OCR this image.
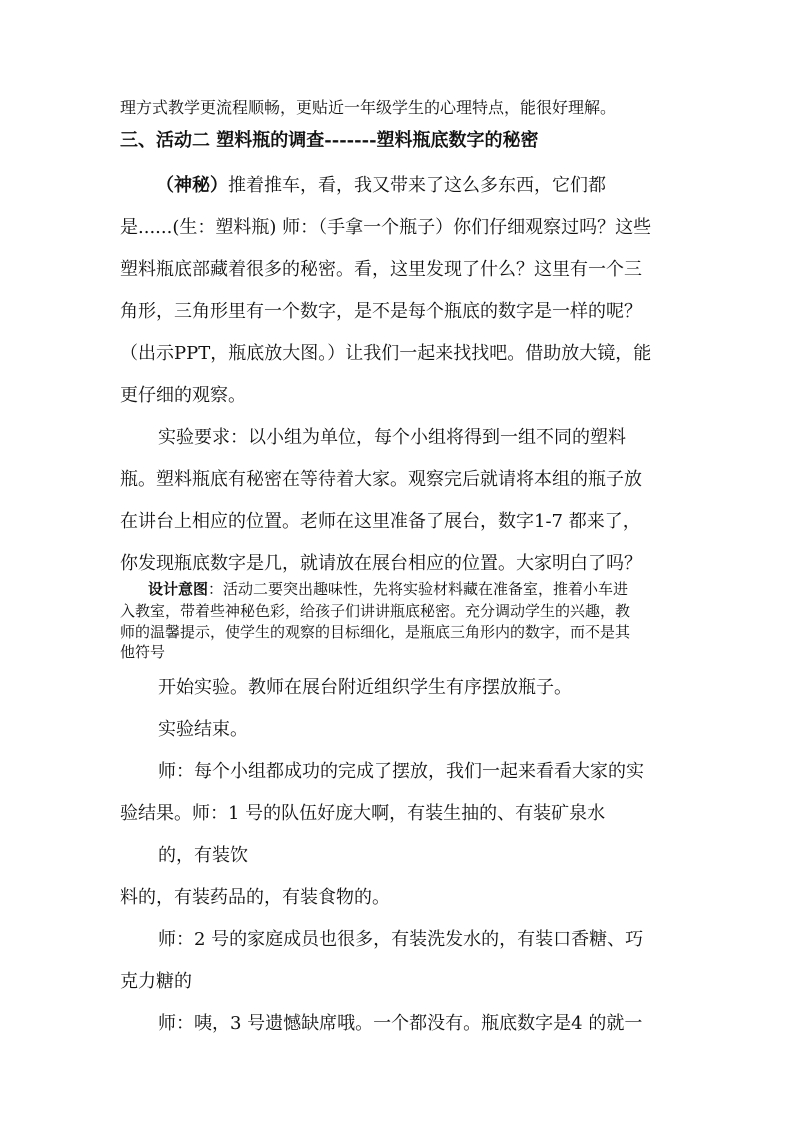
理方式教学更流程顺畅，更贴近一年级学生的心理特点，能很好理解。

三、活动二 塑料瓶的调查-------塑料瓶底数字的秘密

（神秘）推着推车，看，我又带来了这么多东西，它们都

是......(生：塑料瓶) 师：（手拿一个瓶子）你们仔细观察过吗？这些

塑料瓶底部藏着很多的秘密。看，这里发现了什么？这里有一个三

角形，三角形里有一个数字，是不是每个瓶底的数字是一样的呢？

（出示PPT，瓶底放大图。）让我们一起来找找吧。借助放大镜，能

更仔细的观察。

实验要求：以小组为单位，每个小组将得到一组不同的塑料

瓶。塑料瓶底有秘密在等待着大家。观察完后就请将本组的瓶子放

在讲台上相应的位置。老师在这里准备了展台，数字1-7 都来了，

你发现瓶底数字是几，就请放在展台相应的位置。大家明白了吗？

设计意图：活动二要突出趣味性，先将实验材料藏在准备室，推着小车进

入教室，带着些神秘色彩，给孩子们讲讲瓶底秘密。充分调动学生的兴趣，教

师的温馨提示，使学生的观察的目标细化，是瓶底三角形内的数字，而不是其

他符号

开始实验。教师在展台附近组织学生有序摆放瓶子。

实验结束。

师：每个小组都成功的完成了摆放，我们一起来看看大家的实

验结果。师：1 号的队伍好庞大啊，有装生抽的、有装矿泉水

的，有装饮

料的，有装药品的，有装食物的。

师：2 号的家庭成员也很多，有装洗发水的，有装口香糖、巧

克力糖的

师：咦，3 号遗憾缺席哦。一个都没有。瓶底数字是4 的就一
